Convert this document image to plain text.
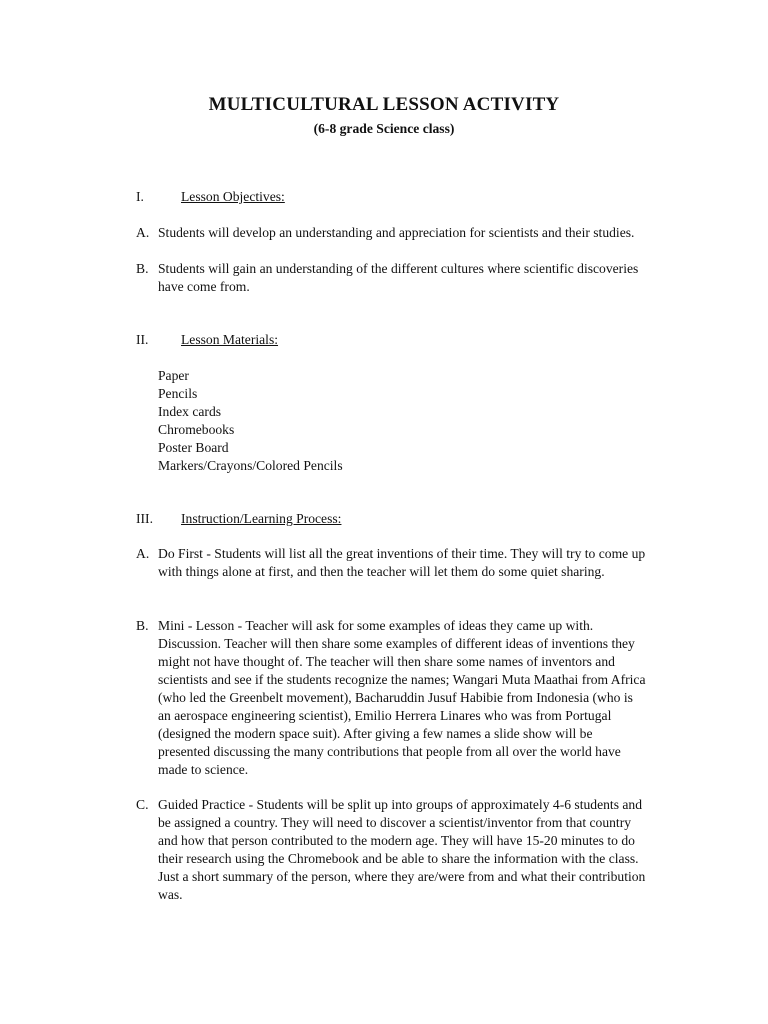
MULTICULTURAL LESSON ACTIVITY
(6-8 grade Science class)
I.	Lesson Objectives:
A. Students will develop an understanding and appreciation for scientists and their studies.
B. Students will gain an understanding of the different cultures where scientific discoveries have come from.
II. Lesson Materials:
Paper
Pencils
Index cards
Chromebooks
Poster Board
Markers/Crayons/Colored Pencils
III. Instruction/Learning Process:
A. Do First - Students will list all the great inventions of their time. They will try to come up with things alone at first, and then the teacher will let them do some quiet sharing.
B. Mini - Lesson - Teacher will ask for some examples of ideas they came up with. Discussion. Teacher will then share some examples of different ideas of inventions they might not have thought of. The teacher will then share some names of inventors and scientists and see if the students recognize the names; Wangari Muta Maathai from Africa (who led the Greenbelt movement), Bacharuddin Jusuf Habibie from Indonesia (who is an aerospace engineering scientist), Emilio Herrera Linares who was from Portugal (designed the modern space suit). After giving a few names a slide show will be presented discussing the many contributions that people from all over the world have made to science.
C. Guided Practice - Students will be split up into groups of approximately 4-6 students and be assigned a country. They will need to discover a scientist/inventor from that country and how that person contributed to the modern age. They will have 15-20 minutes to do their research using the Chromebook and be able to share the information with the class. Just a short summary of the person, where they are/were from and what their contribution was.
